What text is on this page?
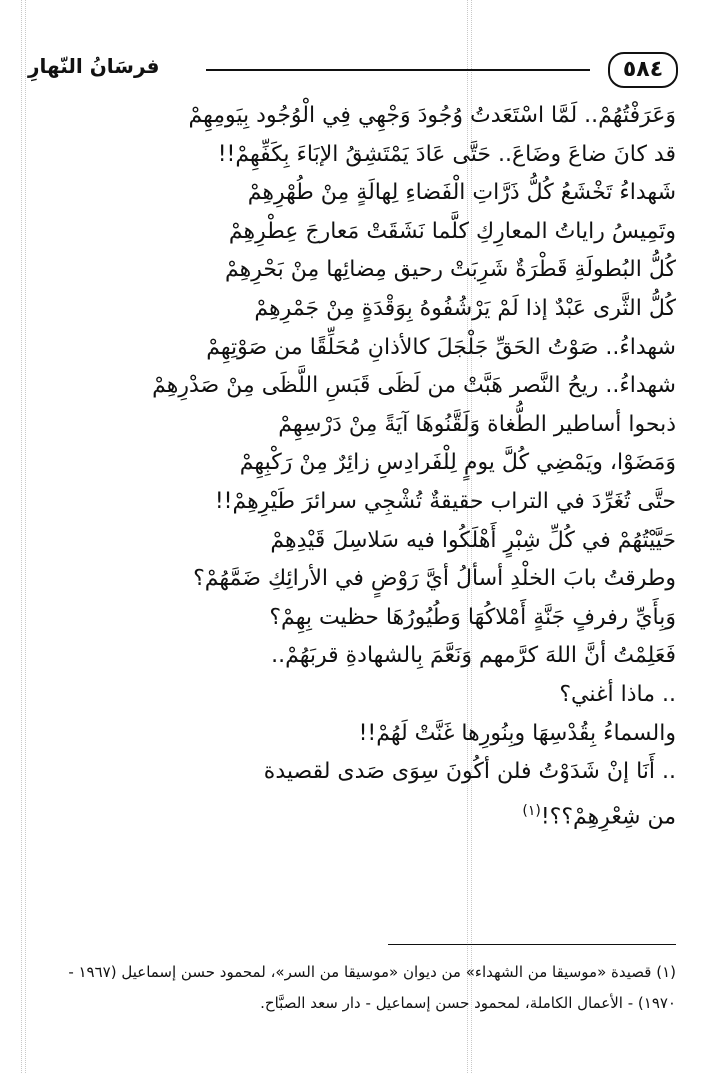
٥٨٤
فرسَانُ النّهارِ
وَعَرَفْتُهُمْ.. لَمَّا اسْتَعَدتُ وُجُودَ وَجْهِي فِي الْوُجُود بِيَومِهِمْ
قد كانَ ضاعَ وضَاعَ.. حَتَّى عَادَ يَمْتَشِقُ الإبَاءَ بِكَفِّهِمْ!!
شَهداءُ تَخْشَعُ كُلُّ ذَرَّاتِ الْفَضاءِ لِهالَةٍ مِنْ طُهْرِهِمْ
وتَمِيسُ راياتُ المعارِكِ كلَّما نَشَقَتْ مَعارجَ عِطْرِهِمْ
كُلُّ البُطولَةِ قَطْرَةٌ شَرِبَتْ رحيق مِضائِها مِنْ بَحْرِهِمْ
كُلُّ الثَّرى عَبْدٌ إذا لَمْ يَرْشُفُوهُ بِوَقْدَةٍ مِنْ جَمْرِهِمْ
شهداءُ.. صَوْتُ الحَقِّ جَلْجَلَ كالأذانِ مُحَلِّقًا من صَوْتِهِمْ
شهداءُ.. ريحُ النَّصر هَبَّتْ من لَظَى قَبَسِ اللَّظَى مِنْ صَدْرِهِمْ
ذبحوا أساطير الطُّغاة وَلَقَّنُوهَا آيَةً مِنْ دَرْسِهِمْ
وَمَضَوْا، ويَمْضِي كُلَّ يومٍ لِلْفَرادِسِ زائِرٌ مِنْ رَكْبِهِمْ
حتَّى تُغَرِّدَ في التراب حقيقةٌ تُشْجِي سرائرَ طَيْرِهِمْ!!
حَيَّيْتُهُمْ في كُلِّ شِبْرٍ أَهْلَكُوا فيه سَلاسِلَ قَيْدِهِمْ
وطرقتُ بابَ الخلْدِ أسألُ أيَّ رَوْضٍ في الأرائِكِ ضَمَّهُمْ؟
وَبِأَيِّ رفرفٍ جَنَّةٍ أَمْلاكُهَا وَطُيُورُهَا حظيت بِهِمْ؟
فَعَلِمْتُ أنَّ اللهَ كرَّمهم وَنَعَّمَ بِالشهادةِ قربَهُمْ..
.. ماذا أغني؟
والسماءُ بِقُدْسِهَا وبِنُورِها غَنَّتْ لَهُمْ!!
.. أَنَا إنْ شَدَوْتُ فلن أكُونَ سِوَى صَدى لقصيدة
من شِعْرِهِمْ؟؟!$^{(١)}$
(١) قصيدة «موسيقا من الشهداء» من ديوان «موسيقا من السر»، لمحمود حسن إسماعيل (١٩٦٧ -
١٩٧٠) - الأعمال الكاملة، لمحمود حسن إسماعيل - دار سعد الصبَّاح.
